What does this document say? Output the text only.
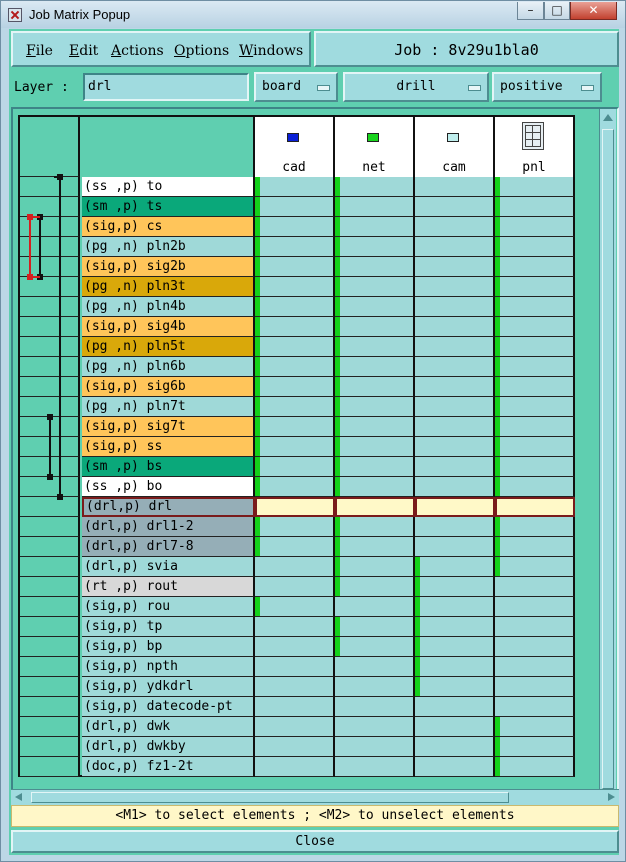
Job Matrix Popup	–	□	✕
File Edit Actions Options Windows	Job : 8v29u1bla0
Layer :	drl	board	drill	positive
cad	net	cam	pnl
(ss ,p) to
(sm ,p) ts
(sig,p) cs
(pg ,n) pln2b
(sig,p) sig2b
(pg ,n) pln3t
(pg ,n) pln4b
(sig,p) sig4b
(pg ,n) pln5t
(pg ,n) pln6b
(sig,p) sig6b
(pg ,n) pln7t
(sig,p) sig7t
(sig,p) ss
(sm ,p) bs
(ss ,p) bo
(drl,p) drl
(drl,p) drl1-2
(drl,p) drl7-8
(drl,p) svia
(rt ,p) rout
(sig,p) rou
(sig,p) tp
(sig,p) bp
(sig,p) npth
(sig,p) ydkdrl
(sig,p) datecode-pt
(drl,p) dwk
(drl,p) dwkby
(doc,p) fz1-2t
<M1> to select elements ; <M2> to unselect elements
Close
